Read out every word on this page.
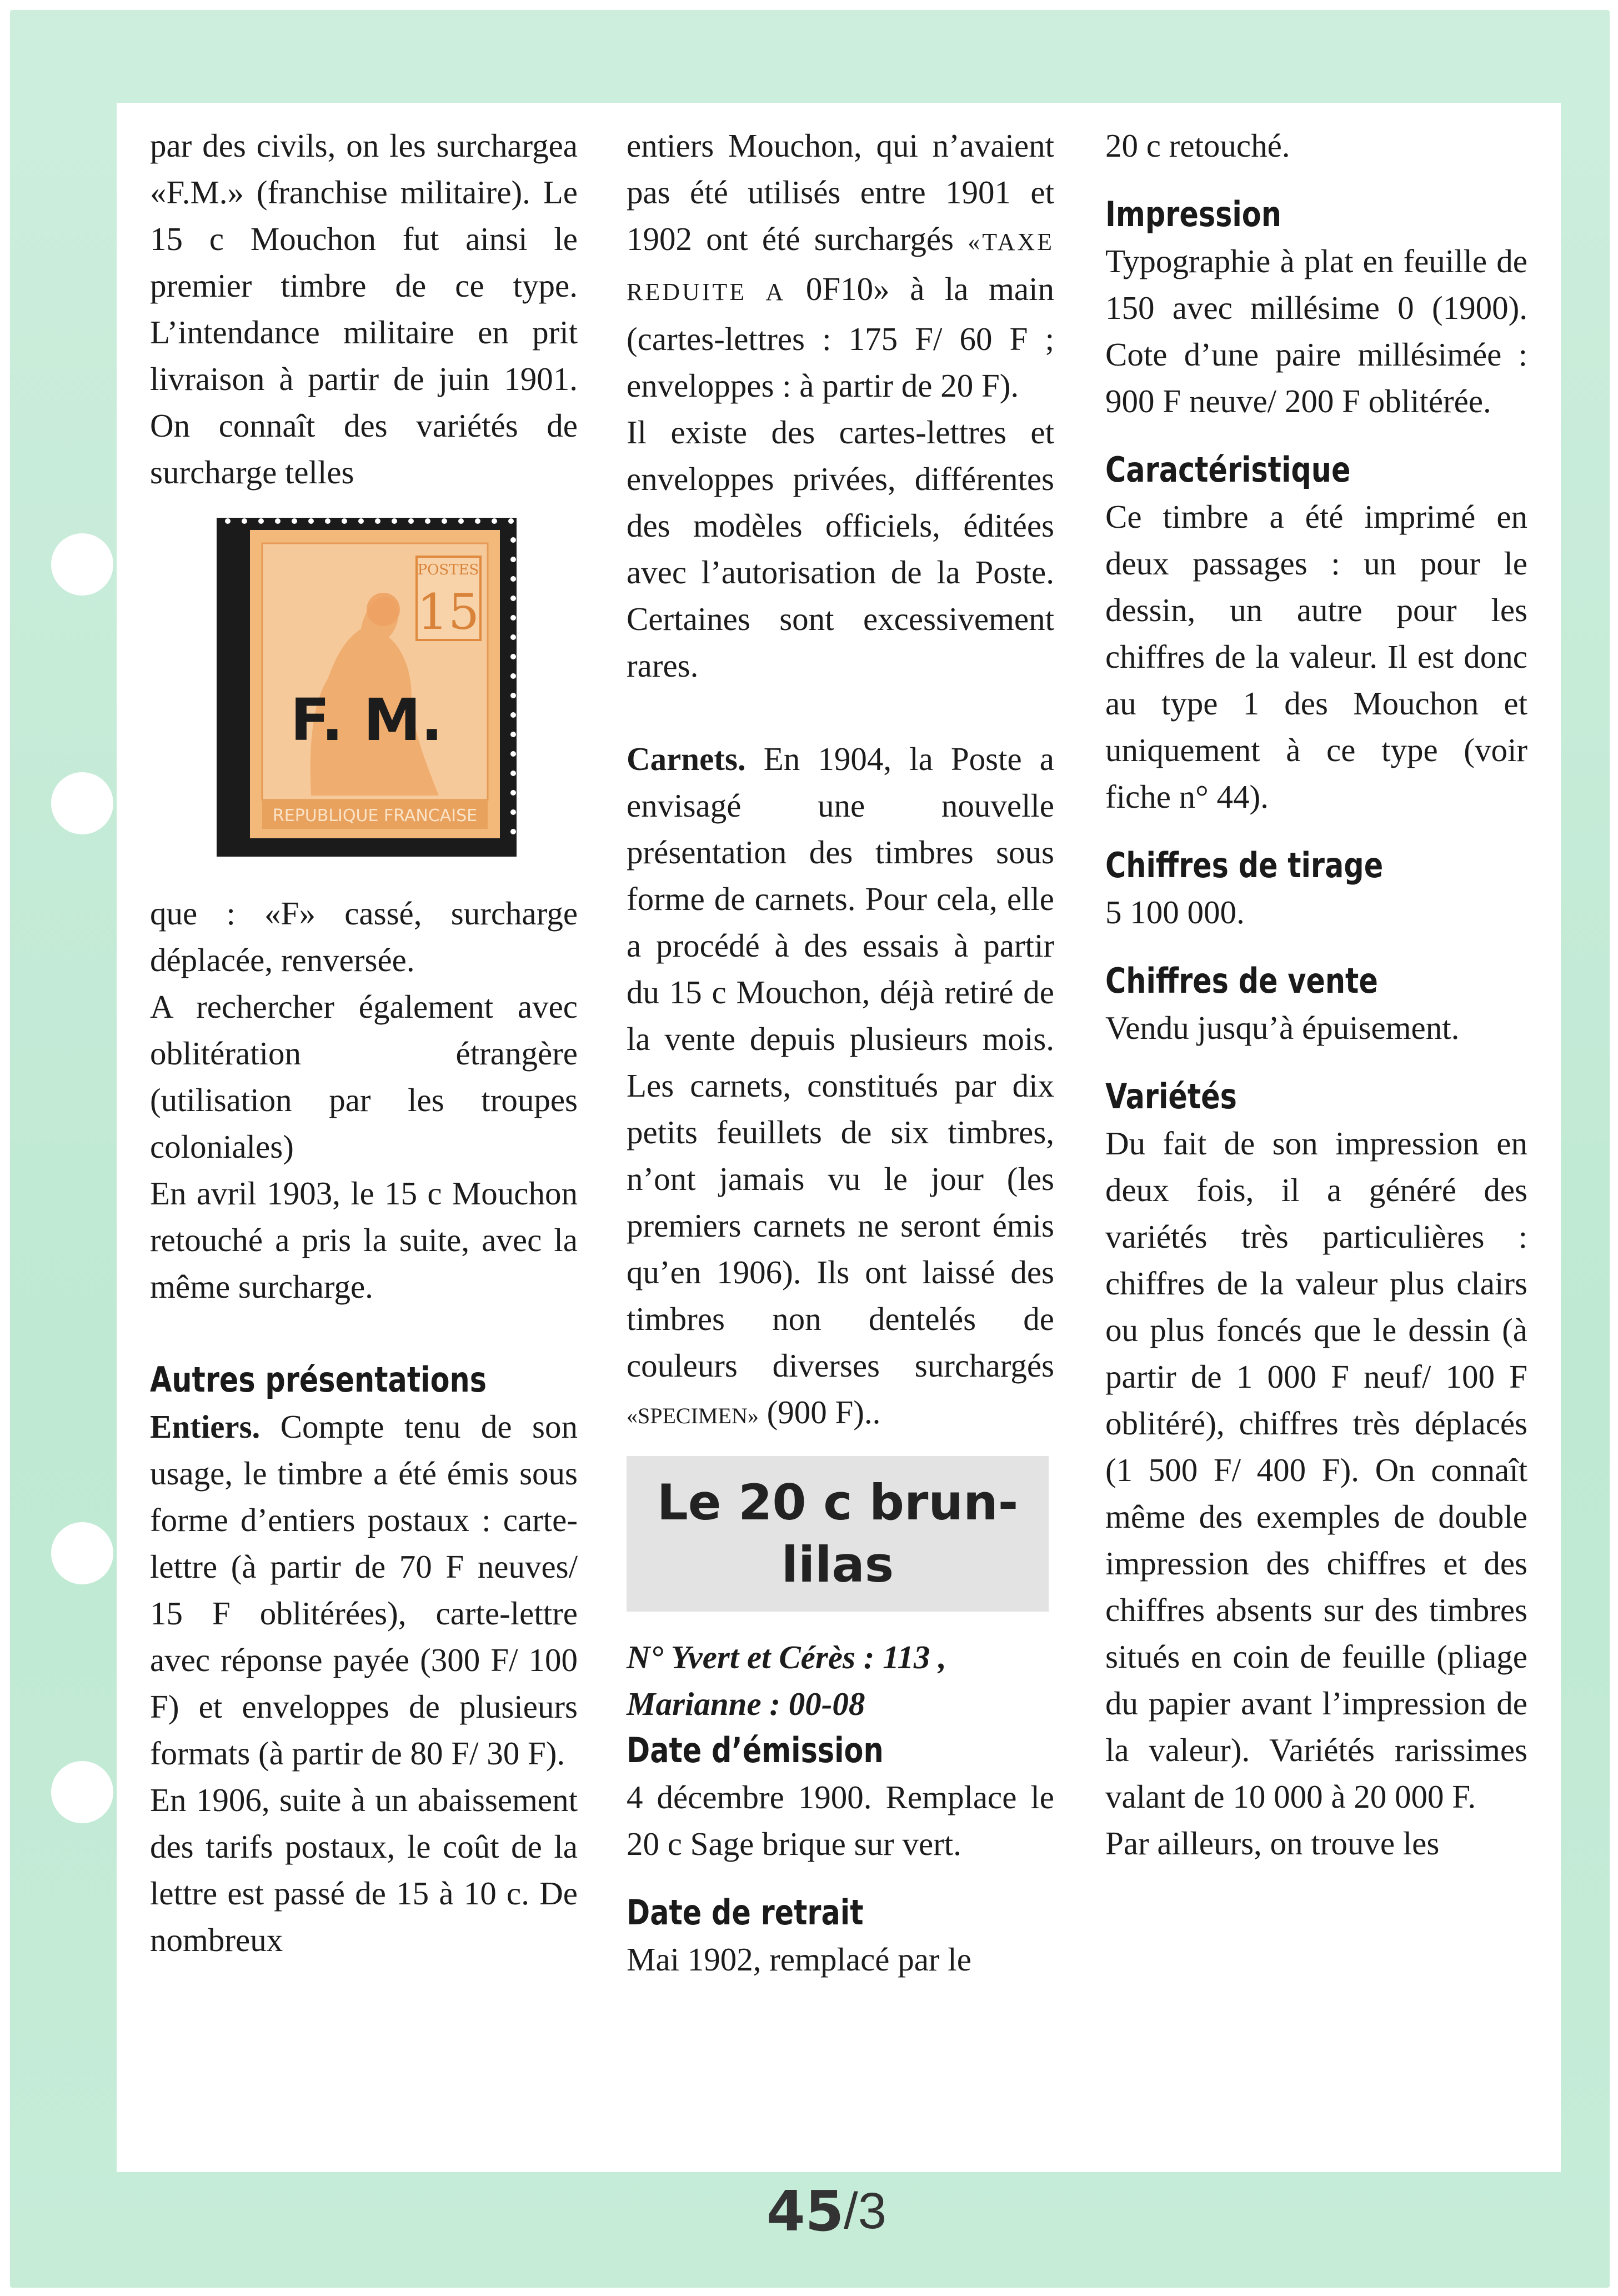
par des civils, on les surchargea «F.M.» (franchise militaire). Le 15 c Mouchon fut ainsi le premier timbre de ce type. L’intendance militaire en prit livraison à partir de juin 1901. On connaît des variétés de surcharge telles

POSTES
15
REPUBLIQUE FRANCAISE
F. M.

que : «F» cassé, surcharge déplacée, renversée.

A rechercher également avec oblitération étrangère (utilisation par les troupes coloniales)

En avril 1903, le 15 c Mouchon retouché a pris la suite, avec la même surcharge.

Autres présentations

Entiers. Compte tenu de son usage, le timbre a été émis sous forme d’entiers postaux : carte-lettre (à partir de 70 F neuves/ 15 F oblitérées), carte-lettre avec réponse payée (300 F/ 100 F) et enveloppes de plusieurs formats (à partir de 80 F/ 30 F).

En 1906, suite à un abaissement des tarifs postaux, le coût de la lettre est passé de 15 à 10 c. De nombreux

entiers Mouchon, qui n’avaient pas été utilisés entre 1901 et 1902 ont été surchargés «TAXE REDUITE A 0F10» à la main (cartes-lettres : 175 F/ 60 F ; enveloppes : à partir de 20 F).

Il existe des cartes-lettres et enveloppes privées, différentes des modèles officiels, éditées avec l’autorisation de la Poste. Certaines sont excessivement rares.

Carnets. En 1904, la Poste a envisagé une nouvelle présentation des timbres sous forme de carnets. Pour cela, elle a procédé à des essais à partir du 15 c Mouchon, déjà retiré de la vente depuis plusieurs mois. Les carnets, constitués par dix petits feuillets de six timbres, n’ont jamais vu le jour (les premiers carnets ne seront émis qu’en 1906). Ils ont laissé des timbres non dentelés de couleurs diverses surchargés «SPECIMEN» (900 F)..

Le 20 c brun-
lilas
N° Yvert et Cérès : 113 ,
Marianne : 00-08
Date d’émission

4 décembre 1900. Remplace le 20 c Sage brique sur vert.

Date de retrait

Mai 1902, remplacé par le

20 c retouché.

Impression

Typographie à plat en feuille de 150 avec millésime 0 (1900). Cote d’une paire millésimée : 900 F neuve/ 200 F oblitérée.

Caractéristique

Ce timbre a été imprimé en deux passages : un pour le dessin, un autre pour les chiffres de la valeur. Il est donc au type 1 des Mouchon et uniquement à ce type (voir fiche n° 44).

Chiffres de tirage

5 100 000.

Chiffres de vente

Vendu jusqu’à épuisement.

Variétés

Du fait de son impression en deux fois, il a généré des variétés très particulières : chiffres de la valeur plus clairs ou plus foncés que le dessin (à partir de 1 000 F neuf/ 100 F oblitéré), chiffres très déplacés (1 500 F/ 400 F). On connaît même des exemples de double impression des chiffres et des chiffres absents sur des timbres situés en coin de feuille (pliage du papier avant l’impression de la valeur). Variétés rarissimes valant de 10 000 à 20 000 F.

Par ailleurs, on trouve les

45 /3
